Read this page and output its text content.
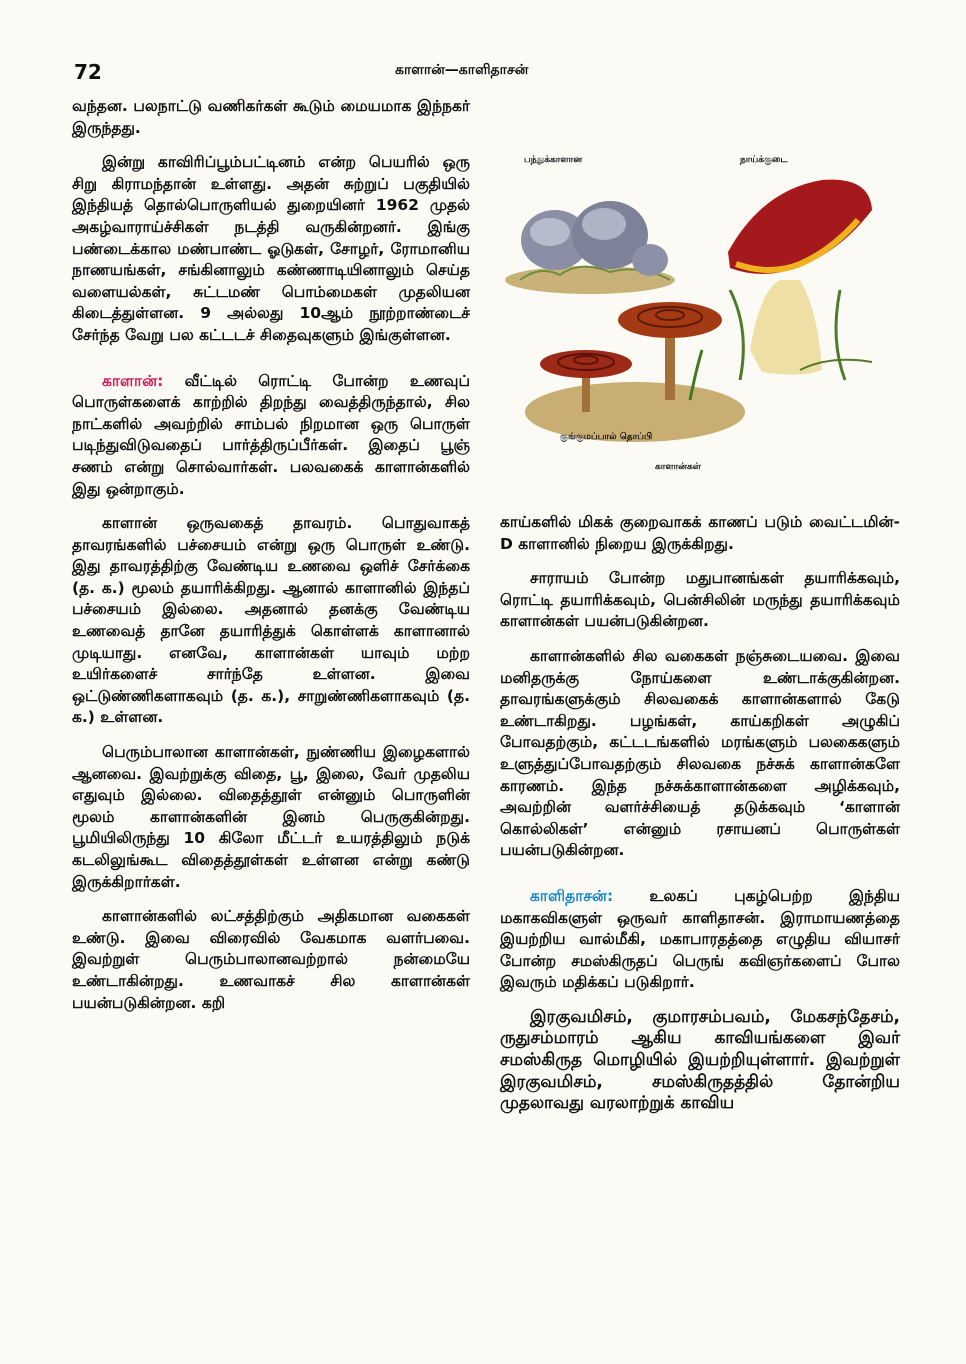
72	காளான்—காளிதாசன்

வந்தன. பலநாட்டு வணிகர்கள் கூடும் மையமாக இந்நகர் இருந்தது.

இன்று காவிரிப்பூம்பட்டினம் என்ற பெயரில் ஒரு சிறு கிராமந்தான் உள்ளது. அதன் சுற்றுப் பகுதியில் இந்தியத் தொல்பொருளியல் துறையினர் 1962 முதல் அகழ்வாராய்ச்சிகள் நடத்தி வருகின்றனர். இங்கு பண்டைக்கால மண்பாண்ட ஓடுகள், சோழர், ரோமானிய நாணயங்கள், சங்கினாலும் கண்ணாடியினாலும் செய்த வளையல்கள், சுட்டமண் பொம்மைகள் முதலியன கிடைத்துள்ளன. 9 அல்லது 10ஆம் நூற்றாண்டைச் சேர்ந்த வேறு பல கட்டடச் சிதைவுகளும் இங்குள்ளன.

காளான்: வீட்டில் ரொட்டி போன்ற உணவுப் பொருள்களைக் காற்றில் திறந்து வைத்திருந்தால், சில நாட்களில் அவற்றில் சாம்பல் நிறமான ஒரு பொருள் படிந்துவிடுவதைப் பார்த்திருப்பீர்கள். இதைப் பூஞ் சணம் என்று சொல்வார்கள். பலவகைக் காளான்களில் இது ஒன்றாகும்.

காளான் ஒருவகைத் தாவரம். பொதுவாகத் தாவரங்களில் பச்சையம் என்று ஒரு பொருள் உண்டு. இது தாவரத்திற்கு வேண்டிய உணவை ஒளிச் சேர்க்கை (த. க.) மூலம் தயாரிக்கிறது. ஆனால் காளானில் இந்தப் பச்சையம் இல்லை. அதனால் தனக்கு வேண்டிய உணவைத் தானே தயாரித்துக் கொள்ளக் காளானால் முடியாது. எனவே, காளான்கள் யாவும் மற்ற உயிர்களைச் சார்ந்தே உள்ளன. இவை ஒட்டுண்ணிகளாகவும் (த. க.), சாறுண்ணிகளாகவும் (த. க.) உள்ளன.

பெரும்பாலான காளான்கள், நுண்ணிய இழைகளால் ஆனவை. இவற்றுக்கு விதை, பூ, இலை, வேர் முதலிய எதுவும் இல்லை. விதைத்தூள் என்னும் பொருளின் மூலம் காளான்களின் இனம் பெருகுகின்றது. பூமியிலிருந்து 10 கிலோ மீட்டர் உயரத்திலும் நடுக் கடலிலுங்கூட விதைத்தூள்கள் உள்ளன என்று கண்டு இருக்கிறார்கள்.

காளான்களில் லட்சத்திற்கும் அதிகமான வகைகள் உண்டு. இவை விரைவில் வேகமாக வளர்பவை. இவற்றுள் பெரும்பாலானவற்றால் நன்மையே உண்டாகின்றது. உணவாகச் சில காளான்கள் பயன்படுகின்றன. கறி

பந்துக்காளான	நாய்க்குடை
குங்குமப்பால் தொப்பி
காளான்கள்

காய்களில் மிகக் குறைவாகக் காணப் படும் வைட்டமின்-D காளானில் நிறைய இருக்கிறது.

சாராயம் போன்ற மதுபானங்கள் தயாரிக்கவும், ரொட்டி தயாரிக்கவும், பென்சிலின் மருந்து தயாரிக்கவும் காளான்கள் பயன்படுகின்றன.

காளான்களில் சில வகைகள் நஞ்சுடையவை. இவை மனிதருக்கு நோய்களை உண்டாக்குகின்றன. தாவரங்களுக்கும் சிலவகைக் காளான்களால் கேடு உண்டாகிறது. பழங்கள், காய்கறிகள் அழுகிப் போவதற்கும், கட்டடங்களில் மரங்களும் பலகைகளும் உளுத்துப்போவதற்கும் சிலவகை நச்சுக் காளான்களே காரணம். இந்த நச்சுக்காளான்களை அழிக்கவும், அவற்றின் வளர்ச்சியைத் தடுக்கவும் ‘காளான் கொல்லிகள்’ என்னும் ரசாயனப் பொருள்கள் பயன்படுகின்றன.

காளிதாசன்: உலகப் புகழ்பெற்ற இந்திய மகாகவிகளுள் ஒருவர் காளிதாசன். இராமாயணத்தை இயற்றிய வால்மீகி, மகாபாரதத்தை எழுதிய வியாசர் போன்ற சமஸ்கிருதப் பெருங் கவிஞர்களைப் போல இவரும் மதிக்கப் படுகிறார்.

இரகுவமிசம், குமாரசம்பவம், மேகசந்தேசம், ருதுசம்மாரம் ஆகிய காவியங்களை இவர் சமஸ்கிருத மொழியில் இயற்றியுள்ளார். இவற்றுள் இரகுவமிசம், சமஸ்கிருதத்தில் தோன்றிய முதலாவது வரலாற்றுக் காவிய
